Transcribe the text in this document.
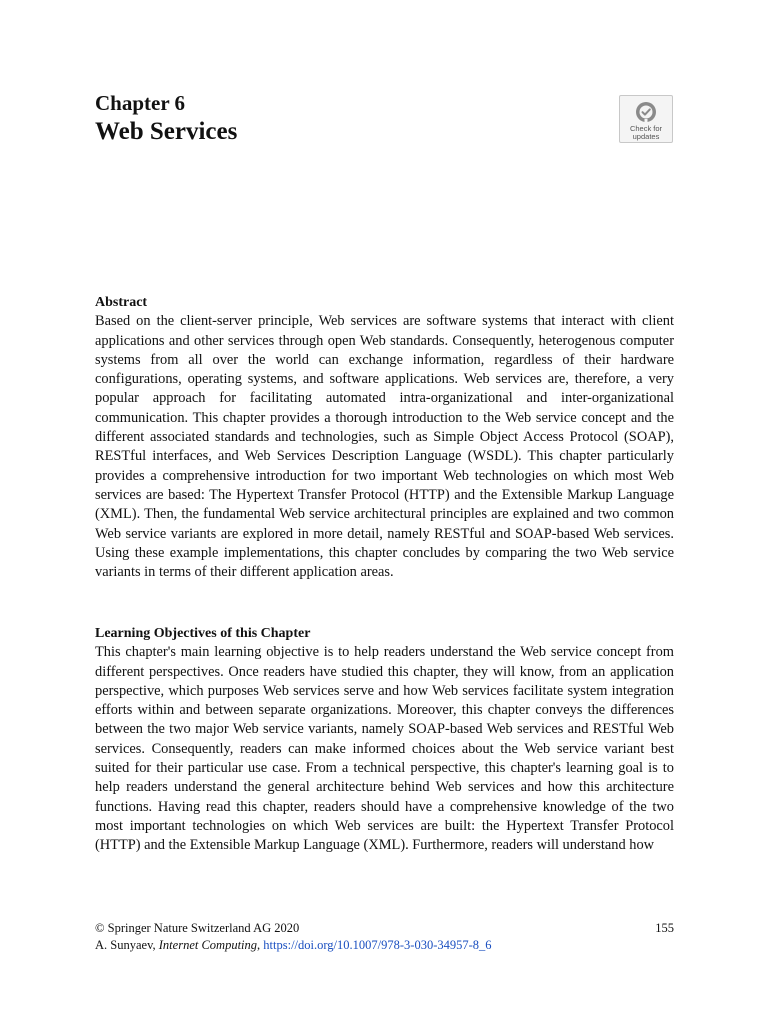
Chapter 6
Web Services	Check for
updates

Abstract

Based on the client-server principle, Web services are software systems that interact with client applications and other services through open Web standards. Consequently, heterogenous computer systems from all over the world can exchange information, regardless of their hardware configurations, operating systems, and software applications. Web services are, therefore, a very popular approach for facilitating automated intra-organizational and inter-organizational communication. This chapter provides a thorough introduction to the Web service concept and the different associated standards and technologies, such as Simple Object Access Protocol (SOAP), RESTful interfaces, and Web Services Description Language (WSDL). This chapter particularly provides a comprehensive introduction for two important Web technologies on which most Web services are based: The Hypertext Transfer Protocol (HTTP) and the Extensible Markup Language (XML). Then, the fundamental Web service architectural principles are explained and two common Web service variants are explored in more detail, namely RESTful and SOAP-based Web services. Using these example implementations, this chapter concludes by comparing the two Web service variants in terms of their different application areas.

Learning Objectives of this Chapter

This chapter's main learning objective is to help readers understand the Web service concept from different perspectives. Once readers have studied this chapter, they will know, from an application perspective, which purposes Web services serve and how Web services facilitate system integration efforts within and between separate organizations. Moreover, this chapter conveys the differences between the two major Web service variants, namely SOAP-based Web services and RESTful Web services. Consequently, readers can make informed choices about the Web service variant best suited for their particular use case. From a technical perspective, this chapter's learning goal is to help readers understand the general architecture behind Web services and how this architecture functions. Having read this chapter, readers should have a comprehensive knowledge of the two most important technologies on which Web services are built: the Hypertext Transfer Protocol (HTTP) and the Extensible Markup Language (XML). Furthermore, readers will understand how

© Springer Nature Switzerland AG 2020	155
A. Sunyaev, Internet Computing, https://doi.org/10.1007/978-3-030-34957-8_6
